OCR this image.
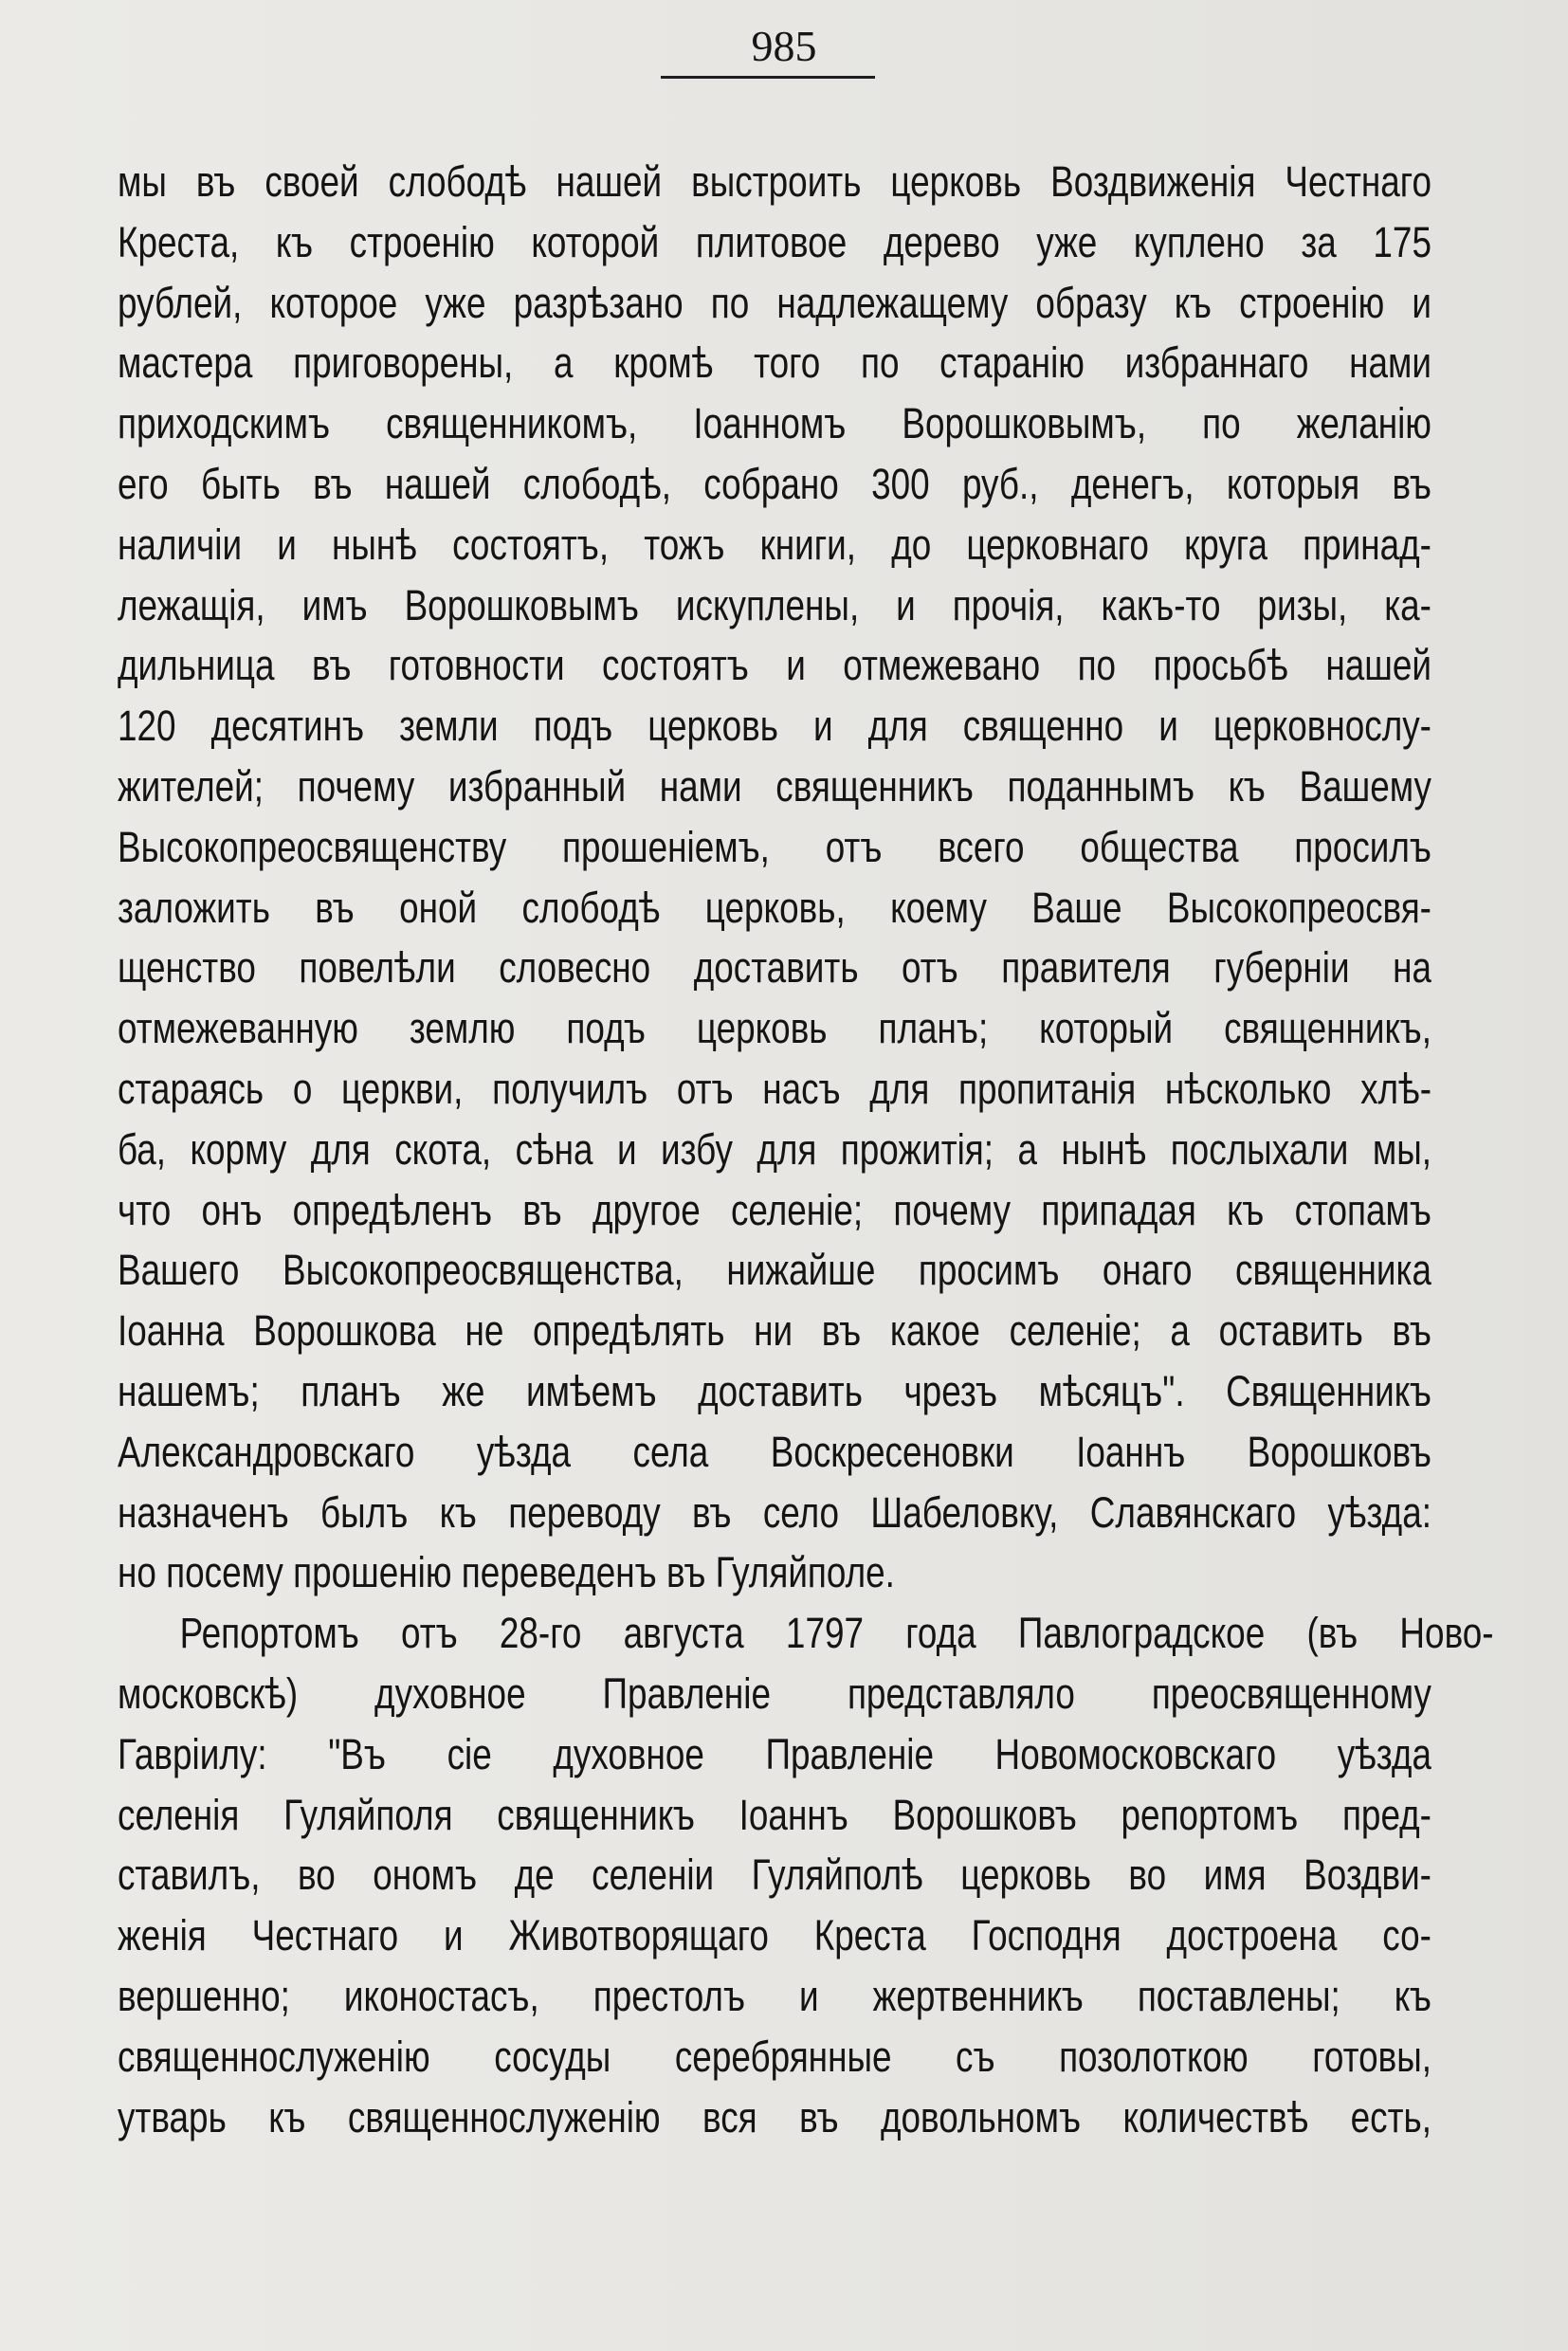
985
мы въ своей слободѣ нашей выстроить церковь Воздвиженія Честнаго
Креста, къ строенію которой плитовое дерево уже куплено за 175
рублей, которое уже разрѣзано по надлежащему образу къ строенію и
мастера приговорены, а кромѣ того по старанію избраннаго нами
приходскимъ священникомъ, Іоанномъ Ворошковымъ, по желанію
его быть въ нашей слободѣ, собрано 300 руб., денегъ, которыя въ
наличіи и нынѣ состоятъ, тожъ книги, до церковнаго круга принад-
лежащія, имъ Ворошковымъ искуплены, и прочія, какъ-то ризы, ка-
дильница въ готовности состоятъ и отмежевано по просьбѣ нашей
120 десятинъ земли подъ церковь и для священно и церковнослу-
жителей; почему избранный нами священникъ поданнымъ къ Вашему
Высокопреосвященству прошеніемъ, отъ всего общества просилъ
заложить въ оной слободѣ церковь, коему Ваше Высокопреосвя-
щенство повелѣли словесно доставить отъ правителя губерніи на
отмежеванную землю подъ церковь планъ; который священникъ,
стараясь о церкви, получилъ отъ насъ для пропитанія нѣсколько хлѣ-
ба, корму для скота, сѣна и избу для прожитія; а нынѣ послыхали мы,
что онъ опредѣленъ въ другое селеніе; почему припадая къ стопамъ
Вашего Высокопреосвященства, нижайше просимъ онаго священника
Іоанна Ворошкова не опредѣлять ни въ какое селеніе; а оставить въ
нашемъ; планъ же имѣемъ доставить чрезъ мѣсяцъ". Священникъ
Александровскаго уѣзда села Воскресеновки Іоаннъ Ворошковъ
назначенъ былъ къ переводу въ село Шабеловку, Славянскаго уѣзда:
но посему прошенію переведенъ въ Гуляйполе.
Репортомъ отъ 28-го августа 1797 года Павлоградское (въ Ново-
московскѣ) духовное Правленіе представляло преосвященному
Гавріилу: "Въ сіе духовное Правленіе Новомосковскаго уѣзда
селенія Гуляйполя священникъ Іоаннъ Ворошковъ репортомъ пред-
ставилъ, во ономъ де селеніи Гуляйполѣ церковь во имя Воздви-
женія Честнаго и Животворящаго Креста Господня достроена со-
вершенно; иконостасъ, престолъ и жертвенникъ поставлены; къ
священнослуженію сосуды серебрянные съ позолоткою готовы,
утварь къ священнослуженію вся въ довольномъ количествѣ есть,
